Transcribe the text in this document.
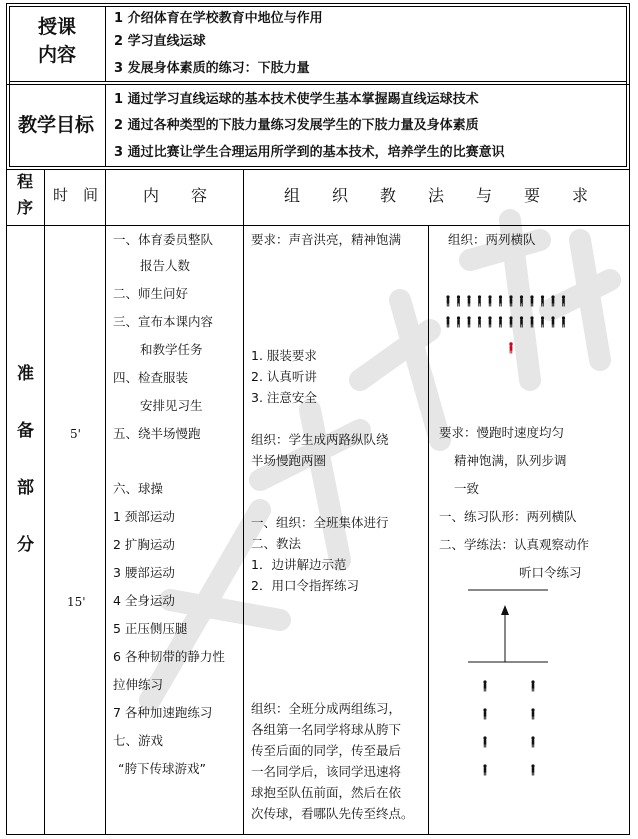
授课
内容
1 介绍体育在学校教育中地位与作用
2 学习直线运球
3 发展身体素质的练习：下肢力量
教学目标
1 通过学习直线运球的基本技术使学生基本掌握踢直线运球技术
2 通过各种类型的下肢力量练习发展学生的下肢力量及身体素质
3 通过比赛让学生合理运用所学到的基本技术，培养学生的比赛意识
程
序
时　间	内　　容	组　　织　　教　　法　　与　　要　　求
准
备
部
分
5'
15'
一、体育委员整队
报告人数
二、师生问好
三、宣布本课内容
和教学任务
四、检查服装
安排见习生
五、绕半场慢跑
六、球操
1 颈部运动
2 扩胸运动
3 腰部运动
4 全身运动
5 正压侧压腿
6 各种韧带的静力性
拉伸练习
7 各种加速跑练习
七、游戏
“胯下传球游戏”
要求：声音洪亮，精神饱满
1. 服装要求
2. 认真听讲
3. 注意安全
组织：学生成两路纵队绕
半场慢跑两圈
一、组织：全班集体进行
二、教法
1．边讲解边示范
2．用口令指挥练习
组织：全班分成两组练习，
各组第一名同学将球从胯下
传至后面的同学，传至最后
一名同学后，该同学迅速将
球抱至队伍前面，然后在依
次传球，看哪队先传至终点。
组织：两列横队
要求：慢跑时速度均匀
精神饱满，队列步调
一致
一、练习队形：两列横队
二、学练法：认真观察动作
听口令练习
